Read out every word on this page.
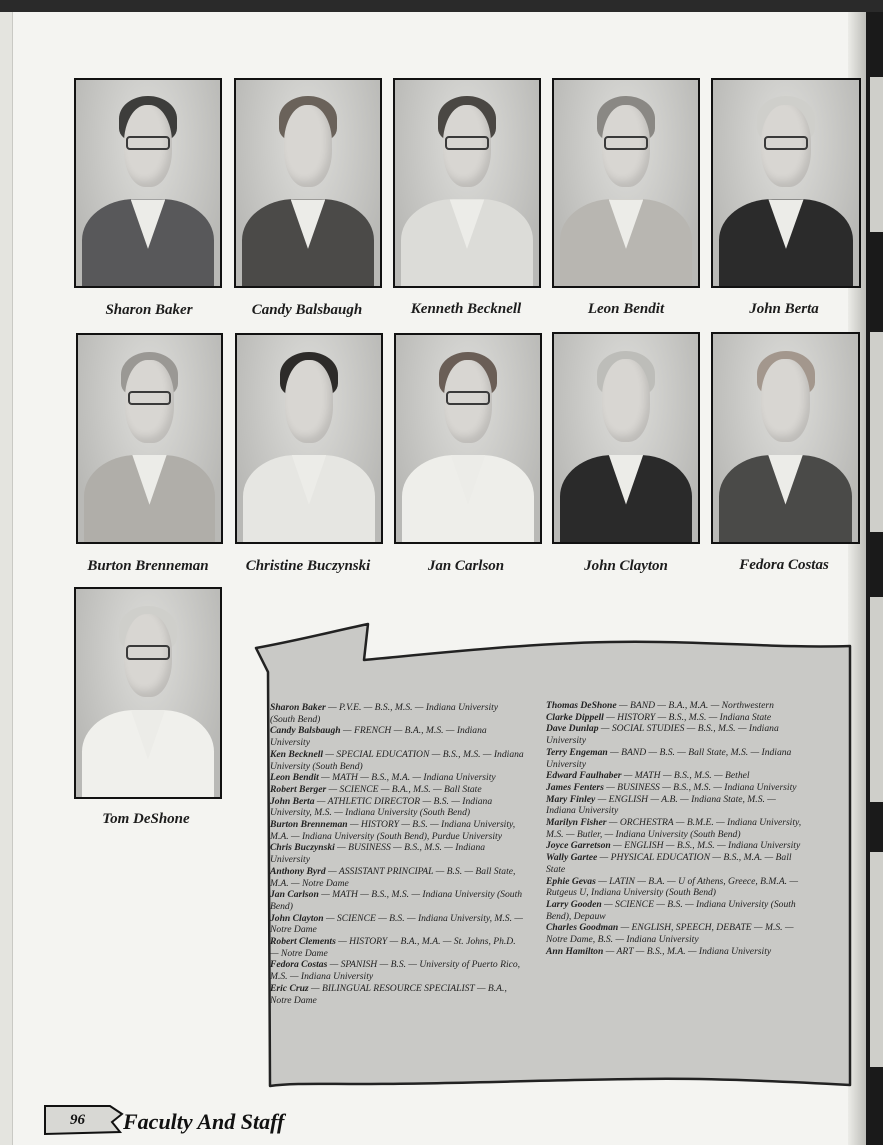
Sharon Baker	Candy Balsbaugh	Kenneth Becknell	Leon Bendit	John Berta
Burton Brenneman	Christine Buczynski	Jan Carlson	John Clayton	Fedora Costas
Tom DeShone
Sharon Baker — P.V.E. — B.S., M.S. — Indiana University (South Bend)
Candy Balsbaugh — FRENCH — B.A., M.S. — Indiana University
Ken Becknell — SPECIAL EDUCATION — B.S., M.S. — Indiana University (South Bend)
Leon Bendit — MATH — B.S., M.A. — Indiana University
Robert Berger — SCIENCE — B.A., M.S. — Ball State
John Berta — ATHLETIC DIRECTOR — B.S. — Indiana University, M.S. — Indiana University (South Bend)
Burton Brenneman — HISTORY — B.S. — Indiana University, M.A. — Indiana University (South Bend), Purdue University
Chris Buczynski — BUSINESS — B.S., M.S. — Indiana University
Anthony Byrd — ASSISTANT PRINCIPAL — B.S. — Ball State, M.A. — Notre Dame
Jan Carlson — MATH — B.S., M.S. — Indiana University (South Bend)
John Clayton — SCIENCE — B.S. — Indiana University, M.S. — Notre Dame
Robert Clements — HISTORY — B.A., M.A. — St. Johns, Ph.D. — Notre Dame
Fedora Costas — SPANISH — B.S. — University of Puerto Rico, M.S. — Indiana University
Eric Cruz — BILINGUAL RESOURCE SPECIALIST — B.A., Notre Dame
Thomas DeShone — BAND — B.A., M.A. — Northwestern
Clarke Dippell — HISTORY — B.S., M.S. — Indiana State
Dave Dunlap — SOCIAL STUDIES — B.S., M.S. — Indiana University
Terry Engeman — BAND — B.S. — Ball State, M.S. — Indiana University
Edward Faulhaber — MATH — B.S., M.S. — Bethel
James Fenters — BUSINESS — B.S., M.S. — Indiana University
Mary Finley — ENGLISH — A.B. — Indiana State, M.S. — Indiana University
Marilyn Fisher — ORCHESTRA — B.M.E. — Indiana University, M.S. — Butler, — Indiana University (South Bend)
Joyce Garretson — ENGLISH — B.S., M.S. — Indiana University
Wally Gartee — PHYSICAL EDUCATION — B.S., M.A. — Ball State
Ephie Gevas — LATIN — B.A. — U of Athens, Greece, B.M.A. — Rutgeus U, Indiana University (South Bend)
Larry Gooden — SCIENCE — B.S. — Indiana University (South Bend), Depauw
Charles Goodman — ENGLISH, SPEECH, DEBATE — M.S. — Notre Dame, B.S. — Indiana University
Ann Hamilton — ART — B.S., M.A. — Indiana University
96 Faculty And Staff
